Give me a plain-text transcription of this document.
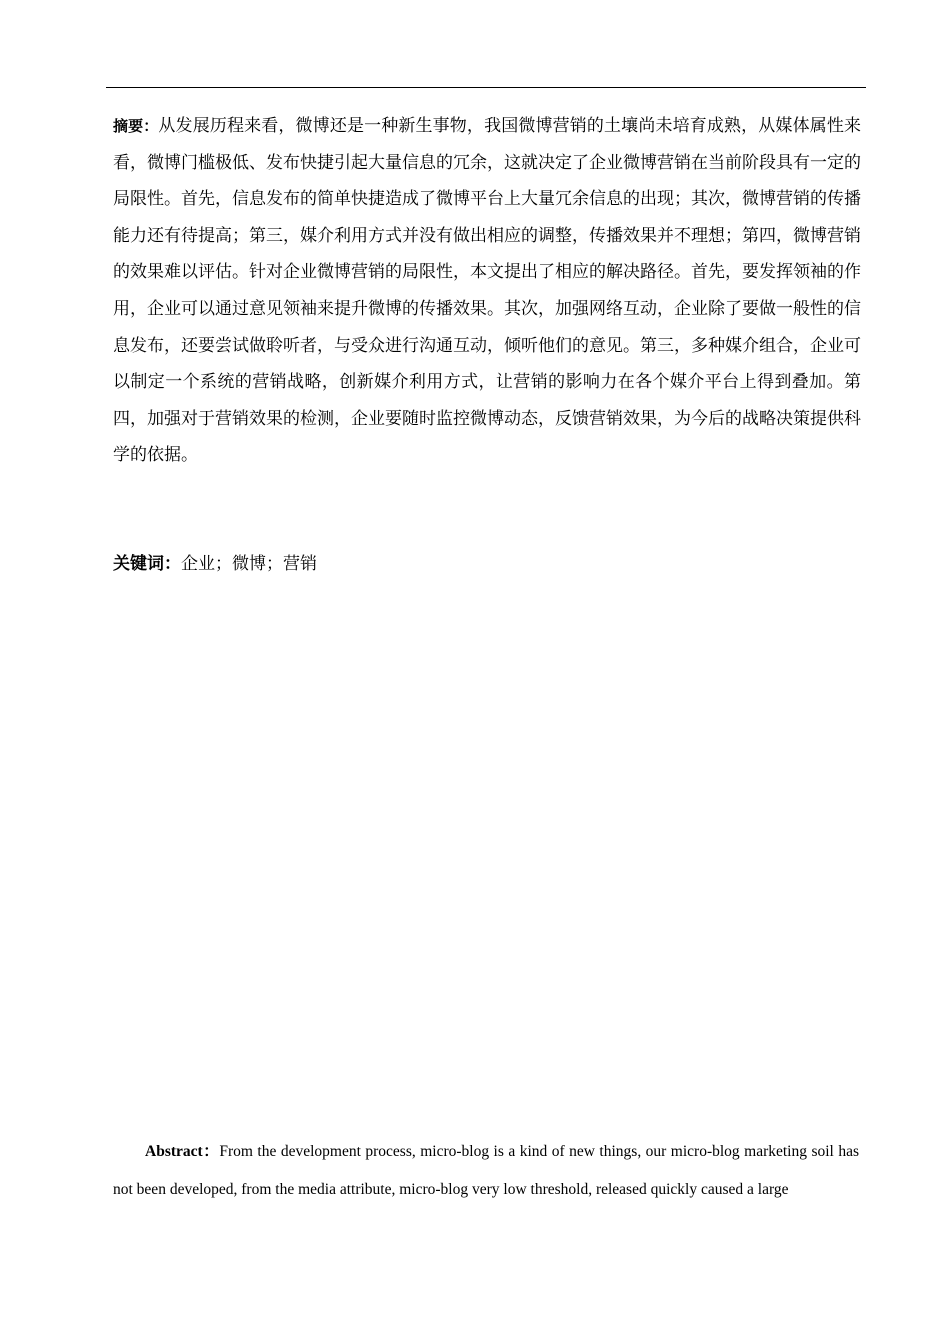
摘要：从发展历程来看，微博还是一种新生事物，我国微博营销的土壤尚未培育成熟，从媒体属性来看，微博门槛极低、发布快捷引起大量信息的冗余，这就决定了企业微博营销在当前阶段具有一定的局限性。首先，信息发布的简单快捷造成了微博平台上大量冗余信息的出现；其次，微博营销的传播能力还有待提高；第三，媒介利用方式并没有做出相应的调整，传播效果并不理想；第四，微博营销的效果难以评估。针对企业微博营销的局限性，本文提出了相应的解决路径。首先，要发挥领袖的作用，企业可以通过意见领袖来提升微博的传播效果。其次，加强网络互动，企业除了要做一般性的信息发布，还要尝试做聆听者，与受众进行沟通互动，倾听他们的意见。第三，多种媒介组合，企业可以制定一个系统的营销战略，创新媒介利用方式，让营销的影响力在各个媒介平台上得到叠加。第四，加强对于营销效果的检测，企业要随时监控微博动态，反馈营销效果，为今后的战略决策提供科学的依据。

关键词：企业；微博；营销

Abstract：From the development process, micro-blog is a kind of new things, our micro-blog marketing soil has not been developed, from the media attribute, micro-blog very low threshold, released quickly caused a large
